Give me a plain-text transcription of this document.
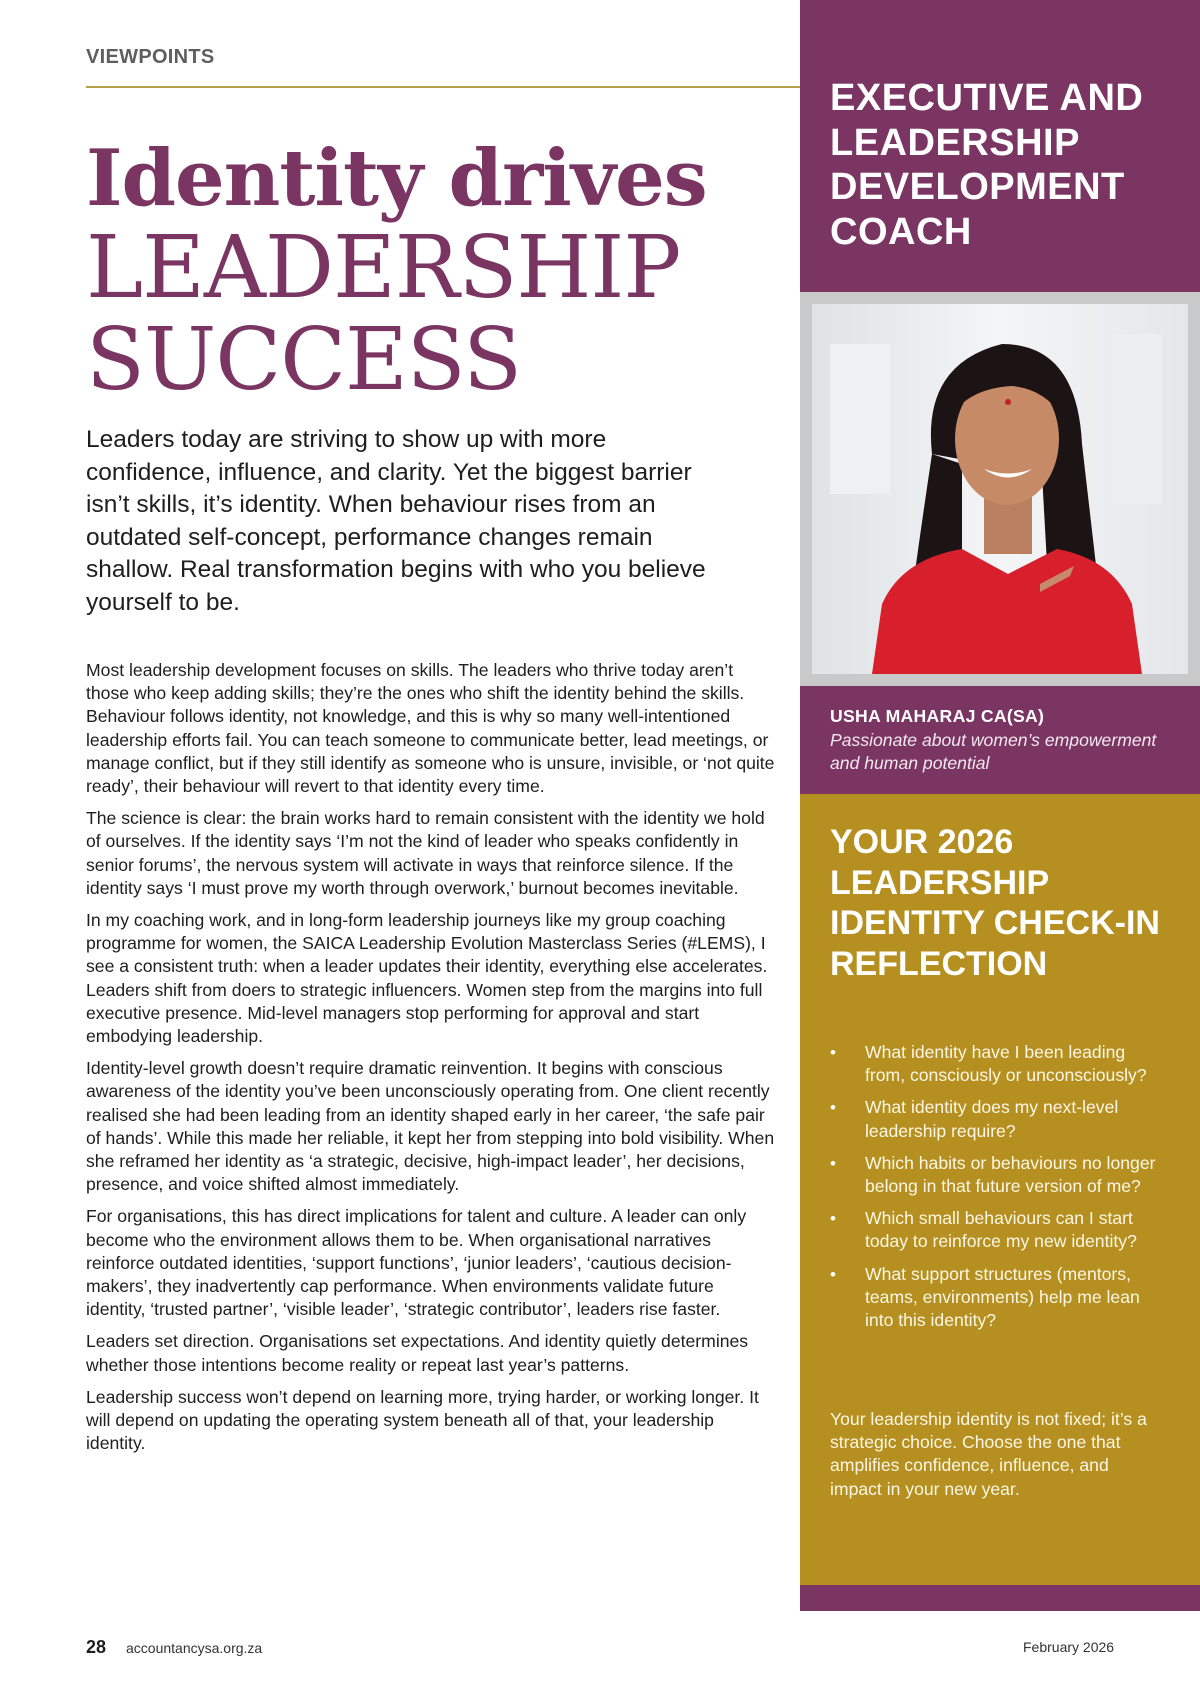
VIEWPOINTS
Identity drives
LEADERSHIP
SUCCESS

Leaders today are striving to show up with more confidence, influence, and clarity. Yet the biggest barrier isn’t skills, it’s identity. When behaviour rises from an outdated self-concept, performance changes remain shallow. Real transformation begins with who you believe yourself to be.

Most leadership development focuses on skills. The leaders who thrive today aren’t those who keep adding skills; they’re the ones who shift the identity behind the skills. Behaviour follows identity, not knowledge, and this is why so many well-intentioned leadership efforts fail. You can teach someone to communicate better, lead meetings, or manage conflict, but if they still identify as someone who is unsure, invisible, or ‘not quite ready’, their behaviour will revert to that identity every time.

The science is clear: the brain works hard to remain consistent with the identity we hold of ourselves. If the identity says ‘I’m not the kind of leader who speaks confidently in senior forums’, the nervous system will activate in ways that reinforce silence. If the identity says ‘I must prove my worth through overwork,’ burnout becomes inevitable.

In my coaching work, and in long-form leadership journeys like my group coaching programme for women, the SAICA Leadership Evolution Masterclass Series (#LEMS), I see a consistent truth: when a leader updates their identity, everything else accelerates. Leaders shift from doers to strategic influencers. Women step from the margins into full executive presence. Mid-level managers stop performing for approval and start embodying leadership.

Identity-level growth doesn’t require dramatic reinvention. It begins with conscious awareness of the identity you’ve been unconsciously operating from. One client recently realised she had been leading from an identity shaped early in her career, ‘the safe pair of hands’. While this made her reliable, it kept her from stepping into bold visibility. When she reframed her identity as ‘a strategic, decisive, high-impact leader’, her decisions, presence, and voice shifted almost immediately.

For organisations, this has direct implications for talent and culture. A leader can only become who the environment allows them to be. When organisational narratives reinforce outdated identities, ‘support functions’, ‘junior leaders’, ‘cautious decision-makers’, they inadvertently cap performance. When environments validate future identity, ‘trusted partner’, ‘visible leader’, ‘strategic contributor’, leaders rise faster.

Leaders set direction. Organisations set expectations. And identity quietly determines whether those intentions become reality or repeat last year’s patterns.

Leadership success won’t depend on learning more, trying harder, or working longer. It will depend on updating the operating system beneath all of that, your leadership identity.

EXECUTIVE AND LEADERSHIP DEVELOPMENT COACH
USHA MAHARAJ CA(SA)
Passionate about women’s empowerment and human potential
YOUR 2026 LEADERSHIP IDENTITY CHECK-IN REFLECTION
• What identity have I been leading from, consciously or unconsciously?
• What identity does my next-level leadership require?
• Which habits or behaviours no longer belong in that future version of me?
• Which small behaviours can I start today to reinforce my new identity?
• What support structures (mentors, teams, environments) help me lean into this identity?

Your leadership identity is not fixed; it’s a strategic choice. Choose the one that amplifies confidence, influence, and impact in your new year.

28 accountancysa.org.za	February 2026
